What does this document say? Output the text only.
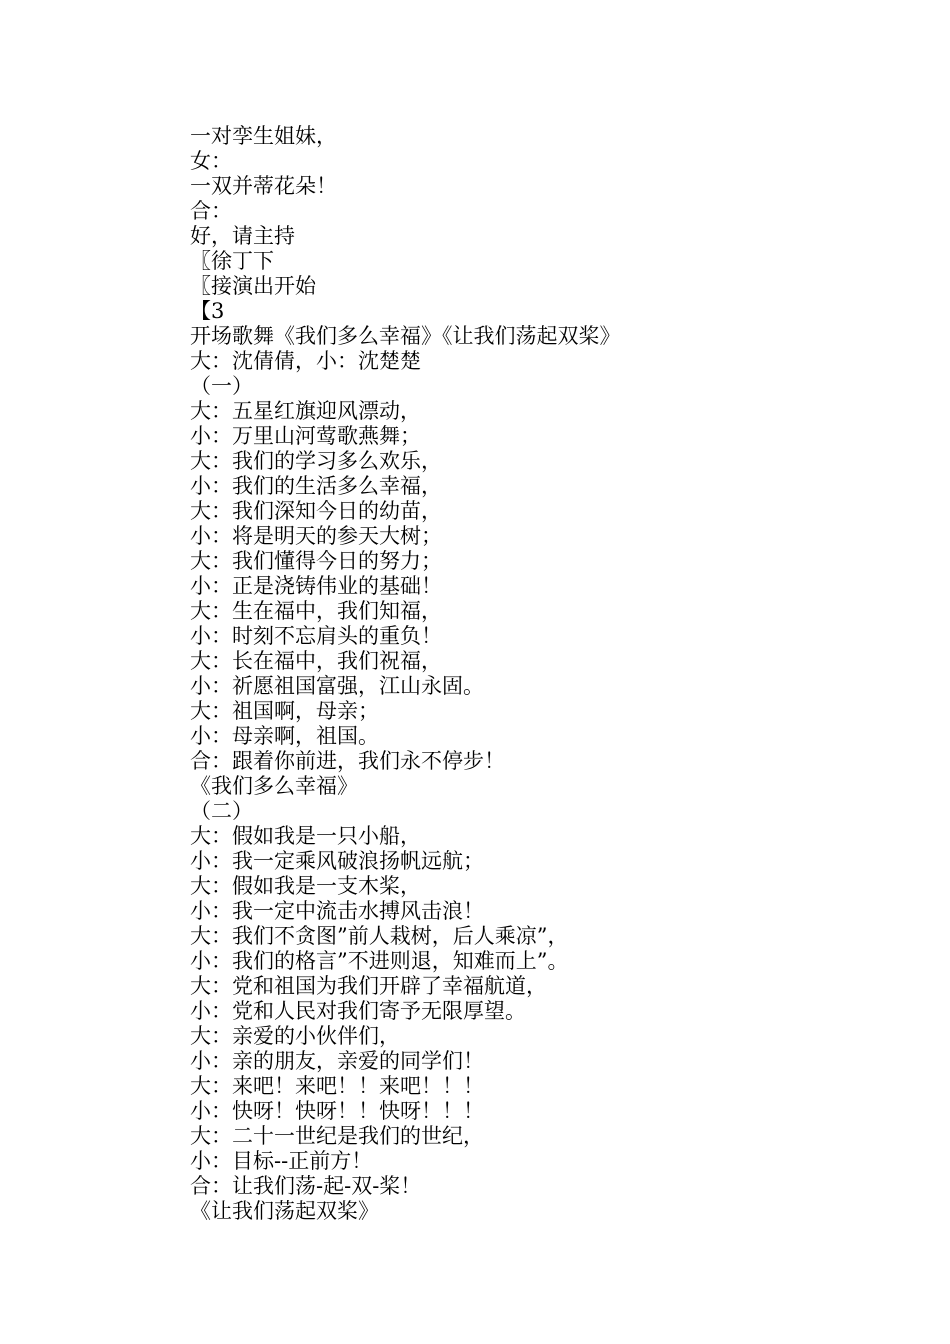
一对孪生姐妹，
女：
一双并蒂花朵！
合：
好，请主持
〖徐丁下
〖接演出开始
【3
开场歌舞《我们多么幸福》《让我们荡起双桨》
大：沈倩倩，小：沈楚楚
（一）
大：五星红旗迎风漂动，
小：万里山河莺歌燕舞；
大：我们的学习多么欢乐，
小：我们的生活多么幸福，
大：我们深知今日的幼苗，
小：将是明天的参天大树；
大：我们懂得今日的努力；
小：正是浇铸伟业的基础！
大：生在福中，我们知福，
小：时刻不忘肩头的重负！
大：长在福中，我们祝福，
小：祈愿祖国富强，江山永固。
大：祖国啊，母亲；
小：母亲啊，祖国。
合：跟着你前进，我们永不停步！
《我们多么幸福》
（二）
大：假如我是一只小船，
小：我一定乘风破浪扬帆远航；
大：假如我是一支木桨，
小：我一定中流击水搏风击浪！
大：我们不贪图”前人栽树，后人乘凉”，
小：我们的格言”不进则退，知难而上”。
大：党和祖国为我们开辟了幸福航道，
小：党和人民对我们寄予无限厚望。
大：亲爱的小伙伴们，
小：亲的朋友，亲爱的同学们！
大：来吧！来吧！！来吧！！！
小：快呀！快呀！！快呀！！！
大：二十一世纪是我们的世纪，
小：目标--正前方！
合：让我们荡-起-双-桨！
《让我们荡起双桨》
